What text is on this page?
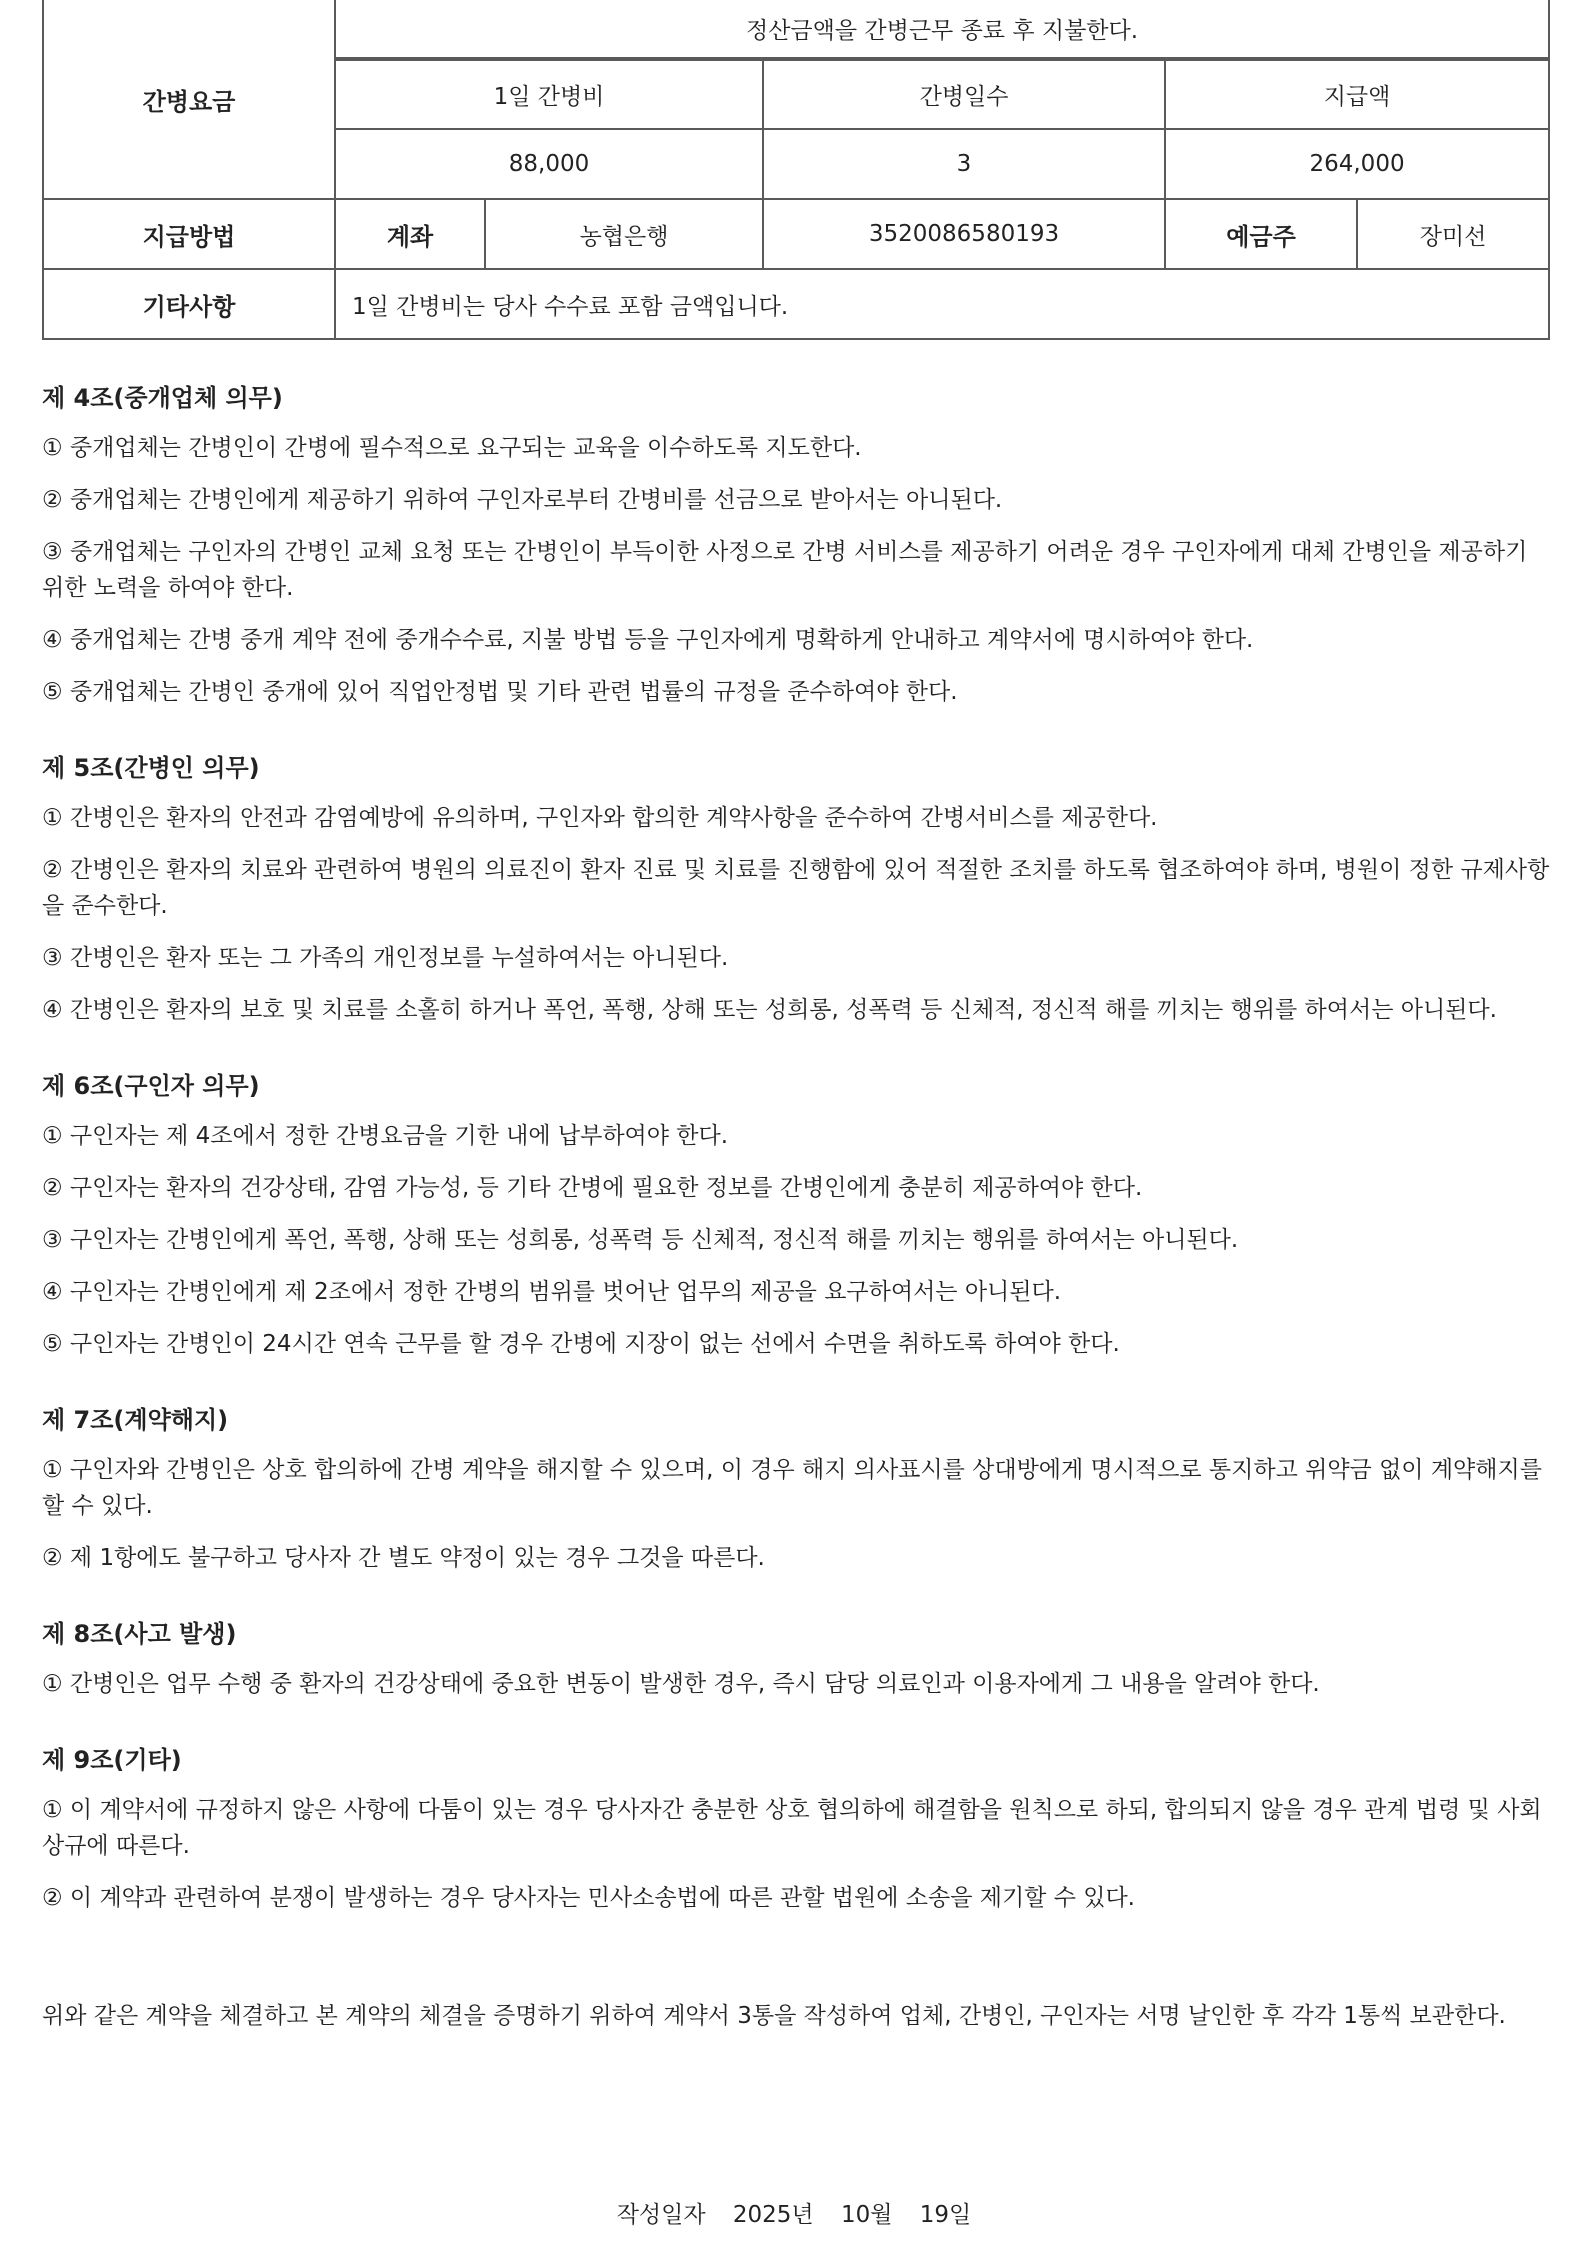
간병요금	정산금액을 간병근무 종료 후 지불한다.				
	1일 간병비		간병일수	지급액	
	88,000		3	264,000	
지급방법	계좌	농협은행	3520086580193	예금주	장미선
기타사항	1일 간병비는 당사 수수료 포함 금액입니다.				
제 4조(중개업체 의무)
① 중개업체는 간병인이 간병에 필수적으로 요구되는 교육을 이수하도록 지도한다.
② 중개업체는 간병인에게 제공하기 위하여 구인자로부터 간병비를 선금으로 받아서는 아니된다.
③ 중개업체는 구인자의 간병인 교체 요청 또는 간병인이 부득이한 사정으로 간병 서비스를 제공하기 어려운 경우 구인자에게 대체 간병인을 제공하기 위한 노력을 하여야 한다.
④ 중개업체는 간병 중개 계약 전에 중개수수료, 지불 방법 등을 구인자에게 명확하게 안내하고 계약서에 명시하여야 한다.
⑤ 중개업체는 간병인 중개에 있어 직업안정법 및 기타 관련 법률의 규정을 준수하여야 한다.
제 5조(간병인 의무)
① 간병인은 환자의 안전과 감염예방에 유의하며, 구인자와 합의한 계약사항을 준수하여 간병서비스를 제공한다.
② 간병인은 환자의 치료와 관련하여 병원의 의료진이 환자 진료 및 치료를 진행함에 있어 적절한 조치를 하도록 협조하여야 하며, 병원이 정한 규제사항을 준수한다.
③ 간병인은 환자 또는 그 가족의 개인정보를 누설하여서는 아니된다.
④ 간병인은 환자의 보호 및 치료를 소홀히 하거나 폭언, 폭행, 상해 또는 성희롱, 성폭력 등 신체적, 정신적 해를 끼치는 행위를 하여서는 아니된다.
제 6조(구인자 의무)
① 구인자는 제 4조에서 정한 간병요금을 기한 내에 납부하여야 한다.
② 구인자는 환자의 건강상태, 감염 가능성, 등 기타 간병에 필요한 정보를 간병인에게 충분히 제공하여야 한다.
③ 구인자는 간병인에게 폭언, 폭행, 상해 또는 성희롱, 성폭력 등 신체적, 정신적 해를 끼치는 행위를 하여서는 아니된다.
④ 구인자는 간병인에게 제 2조에서 정한 간병의 범위를 벗어난 업무의 제공을 요구하여서는 아니된다.
⑤ 구인자는 간병인이 24시간 연속 근무를 할 경우 간병에 지장이 없는 선에서 수면을 취하도록 하여야 한다.
제 7조(계약해지)
① 구인자와 간병인은 상호 합의하에 간병 계약을 해지할 수 있으며, 이 경우 해지 의사표시를 상대방에게 명시적으로 통지하고 위약금 없이 계약해지를 할 수 있다.
② 제 1항에도 불구하고 당사자 간 별도 약정이 있는 경우 그것을 따른다.
제 8조(사고 발생)
① 간병인은 업무 수행 중 환자의 건강상태에 중요한 변동이 발생한 경우, 즉시 담당 의료인과 이용자에게 그 내용을 알려야 한다.
제 9조(기타)
① 이 계약서에 규정하지 않은 사항에 다툼이 있는 경우 당사자간 충분한 상호 협의하에 해결함을 원칙으로 하되, 합의되지 않을 경우 관계 법령 및 사회상규에 따른다.
② 이 계약과 관련하여 분쟁이 발생하는 경우 당사자는 민사소송법에 따른 관할 법원에 소송을 제기할 수 있다.
위와 같은 계약을 체결하고 본 계약의 체결을 증명하기 위하여 계약서 3통을 작성하여 업체, 간병인, 구인자는 서명 날인한 후 각각 1통씩 보관한다.
작성일자 2025년 10월 19일
